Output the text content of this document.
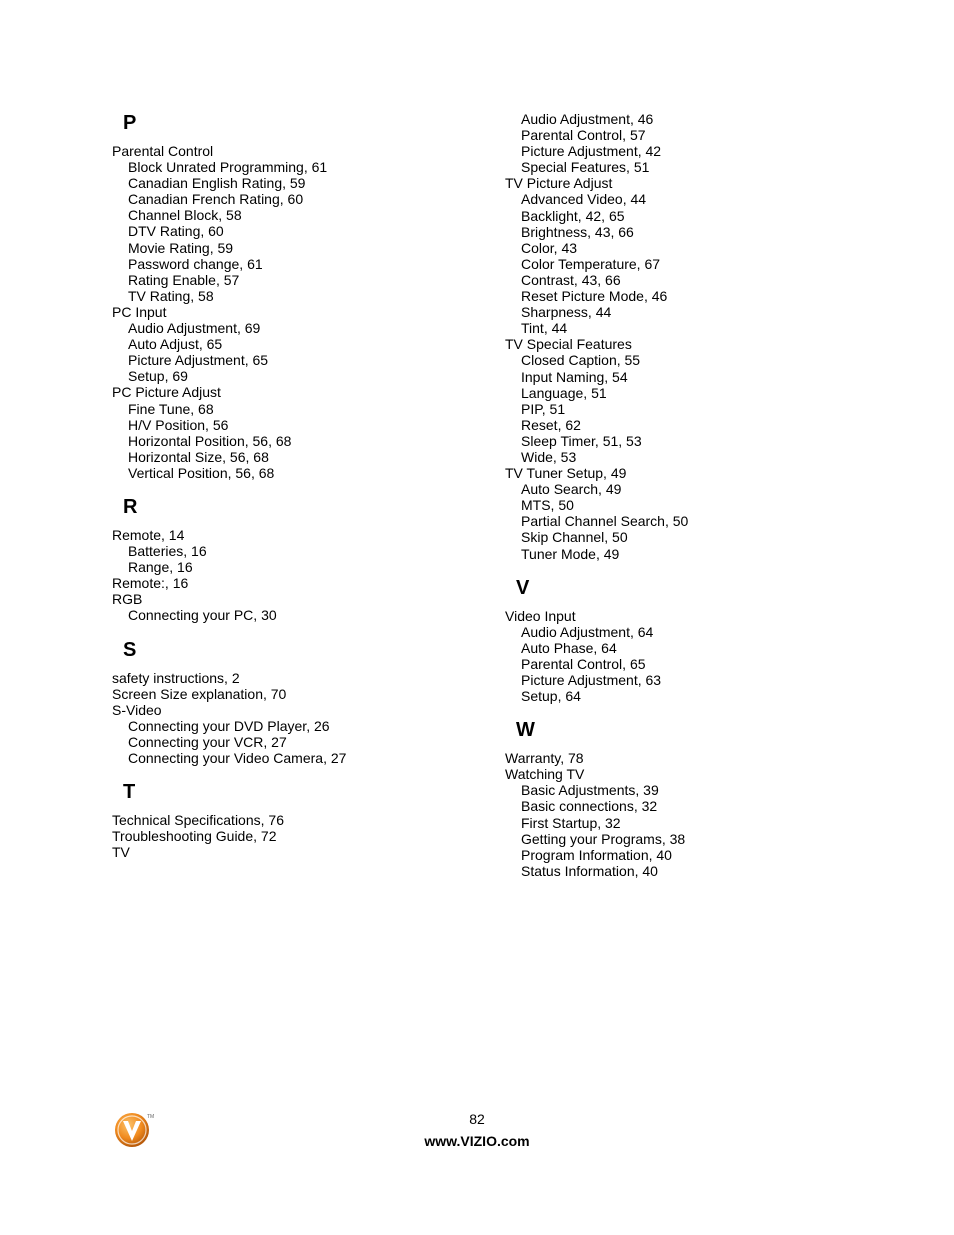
P
Parental Control
Block Unrated Programming, 61
Canadian English Rating, 59
Canadian French Rating, 60
Channel Block, 58
DTV Rating, 60
Movie Rating, 59
Password change, 61
Rating Enable, 57
TV Rating, 58
PC Input
Audio Adjustment, 69
Auto Adjust, 65
Picture Adjustment, 65
Setup, 69
PC Picture Adjust
Fine Tune, 68
H/V Position, 56
Horizontal Position, 56, 68
Horizontal Size, 56, 68
Vertical Position, 56, 68
R
Remote, 14
Batteries, 16
Range, 16
Remote:, 16
RGB
Connecting your PC, 30
S
safety instructions, 2
Screen Size explanation, 70
S-Video
Connecting your DVD Player, 26
Connecting your VCR, 27
Connecting your Video Camera, 27
T
Technical Specifications, 76
Troubleshooting Guide, 72
TV
Audio Adjustment, 46
Parental Control, 57
Picture Adjustment, 42
Special Features, 51
TV Picture Adjust
Advanced Video, 44
Backlight, 42, 65
Brightness, 43, 66
Color, 43
Color Temperature, 67
Contrast, 43, 66
Reset Picture Mode, 46
Sharpness, 44
Tint, 44
TV Special Features
Closed Caption, 55
Input Naming, 54
Language, 51
PIP, 51
Reset, 62
Sleep Timer, 51, 53
Wide, 53
TV Tuner Setup, 49
Auto Search, 49
MTS, 50
Partial Channel Search, 50
Skip Channel, 50
Tuner Mode, 49
V
Video Input
Audio Adjustment, 64
Auto Phase, 64
Parental Control, 65
Picture Adjustment, 63
Setup, 64
W
Warranty, 78
Watching TV
Basic Adjustments, 39
Basic connections, 32
First Startup, 32
Getting your Programs, 38
Program Information, 40
Status Information, 40
TM	82
www.VIZIO.com
